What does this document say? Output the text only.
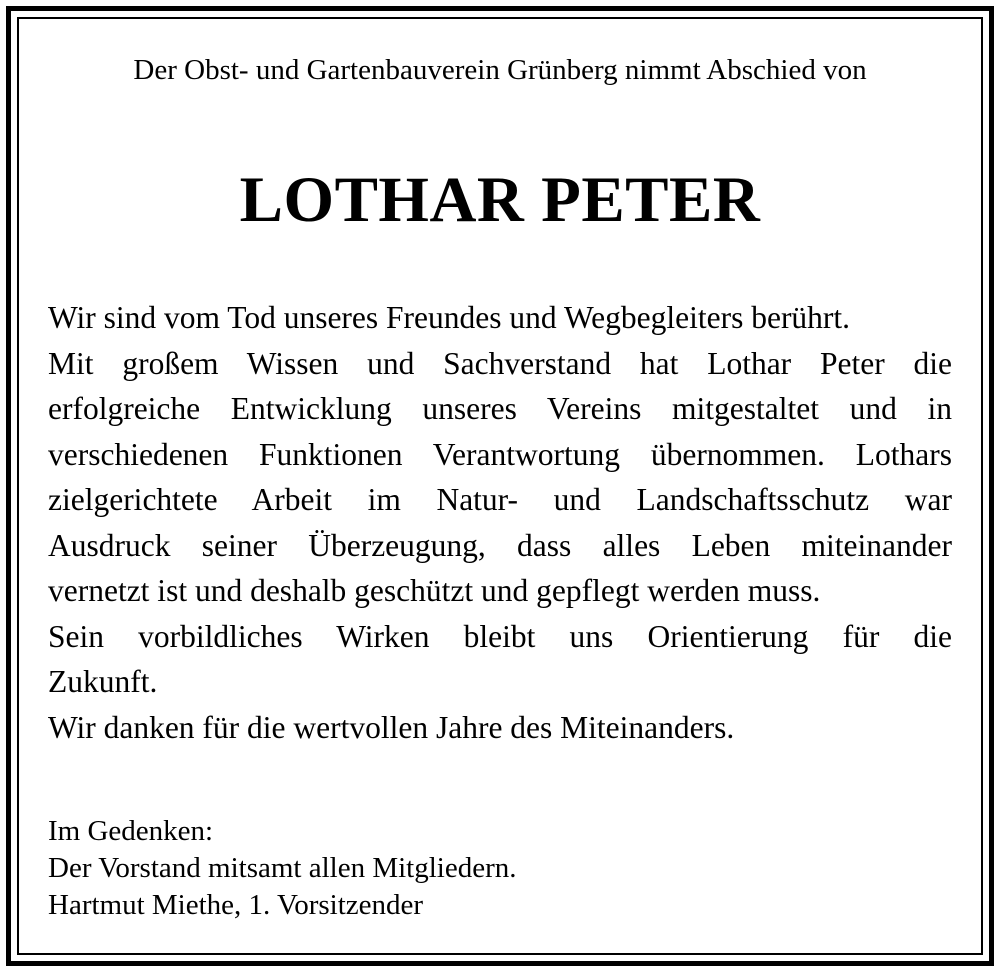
Der Obst- und Gartenbauverein Grünberg nimmt Abschied von
LOTHAR PETER
Wir sind vom Tod unseres Freundes und Wegbegleiters berührt.
Mit großem Wissen und Sachverstand hat Lothar Peter die
erfolgreiche Entwicklung unseres Vereins mitgestaltet und in
verschiedenen Funktionen Verantwortung übernommen. Lothars
zielgerichtete Arbeit im Natur- und Landschaftsschutz war
Ausdruck seiner Überzeugung, dass alles Leben miteinander
vernetzt ist und deshalb geschützt und gepflegt werden muss.
Sein vorbildliches Wirken bleibt uns Orientierung für die
Zukunft.
Wir danken für die wertvollen Jahre des Miteinanders.
Im Gedenken:
Der Vorstand mitsamt allen Mitgliedern.
Hartmut Miethe, 1. Vorsitzender
